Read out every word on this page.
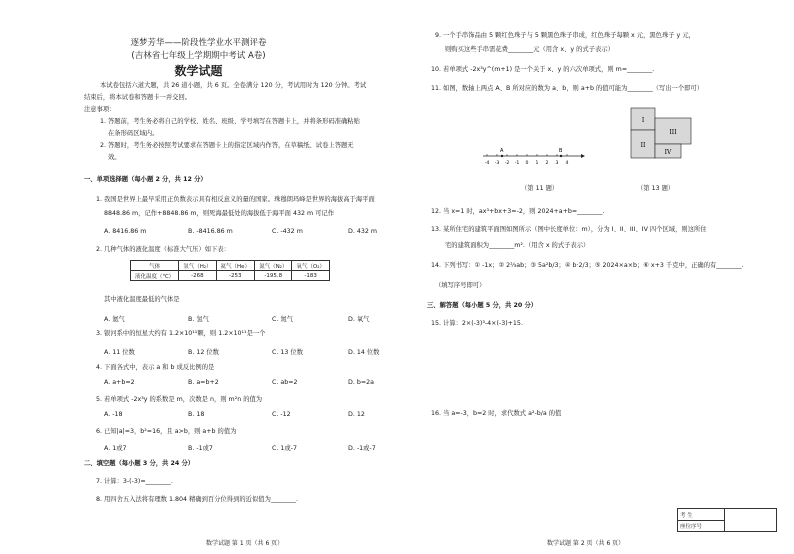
逐梦芳华——阶段性学业水平测评卷
(吉林省七年级上学期期中考试 A卷)
数学试题
本试卷包括六道大题，共 26 道小题，共 6 页。全卷满分 120 分，考试用时为 120 分钟。考试
结束后，将本试卷和答题卡一并交回。
注意事项：
1. 答题前，考生务必将自己的学校、姓名、班级、学号填写在答题卡上，并将条形码准确粘贴
在条形码区域内。
2. 答题时，考生务必按照考试要求在答题卡上的指定区域内作答，在草稿纸、试卷上答题无
效。
一、单项选择题（每小题 2 分，共 12 分）
1. 我国是世界上最早采用正负数表示具有相反意义的量的国家。珠穆朗玛峰是世界的海拔高于海平面
8848.86 m，记作+8848.86 m，则死海最低处的海拔低于海平面 432 m 可记作
A. 8416.86 m	B. -8416.86 m	C. -432 m	D. 432 m
2. 几种气体的液化温度（标准大气压）如下表：
气体	氢气（H₂）	氦气（He）	氮气（N₂）	氧气（O₂）
液化温度（℃）	-268	-253	-195.8	-183
其中液化温度最低的气体是
A. 氦气	B. 氢气	C. 氮气	D. 氧气
3. 银河系中的恒星大约有 1.2×10¹¹颗，则 1.2×10¹¹是一个
A. 11 位数	B. 12 位数	C. 13 位数	D. 14 位数
4. 下面各式中，表示 a 和 b 成反比例的是
A. a+b=2	B. a=b+2	C. ab=2	D. b=2a
5. 若单项式 -2x³y 的系数是 m，次数是 n，则 m²n 的值为
A. -18	B. 18	C. -12	D. 12
6. 已知|a|=3，b²=16，且 a>b，则 a+b 的值为
A. 1或7	B. -1或7	C. 1或-7	D. -1或-7
二、填空题（每小题 3 分，共 24 分）
7. 计算：3-(-3)=________.
8. 用四舍五入法将有理数 1.804 精确到百分位得到的近似值为________.
数学试题 第 1 页（共 6 页）
9. 一个手串饰品由 5 颗红色珠子与 5 颗黑色珠子串成，红色珠子每颗 x 元，黑色珠子 y 元，
则购买这些手串需花费________元（用含 x、y 的式子表示）
10. 若单项式 -2x³y^(m+1) 是一个关于 x、y 的六次单项式，则 m=________.
11. 如图，数轴上两点 A、B 所对应的数为 a、b，则 a+b 的值可能为________（写出一个即可）
A	B
-4 -3 -2 -1 0 1 2 3 4
（第 11 题）
I
II
III
IV
（第 13 题）
12. 当 x=1 时，ax³+bx+3=-2，则 2024+a+b=________.
13. 某所住宅的建筑平面图如图所示（图中长度单位：m），分为 I、II、III、IV 四个区域，则这所住
宅的建筑面积为________m².（用含 x 的式子表示）
14. 下列书写：① -1x；② 2⅔ab；③ 5a²b/3；④ b·2/3；⑤ 2024×a×b；⑥ x+3 千克中，正确的有________.
（填写序号即可）
三、解答题（每小题 5 分，共 20 分）
15. 计算：2×(-3)³-4×(-3)+15.
16. 当 a=-3，b=2 时，求代数式 a²-b/a 的值
数学试题 第 2 页（共 6 页）
考 生
座位序号
